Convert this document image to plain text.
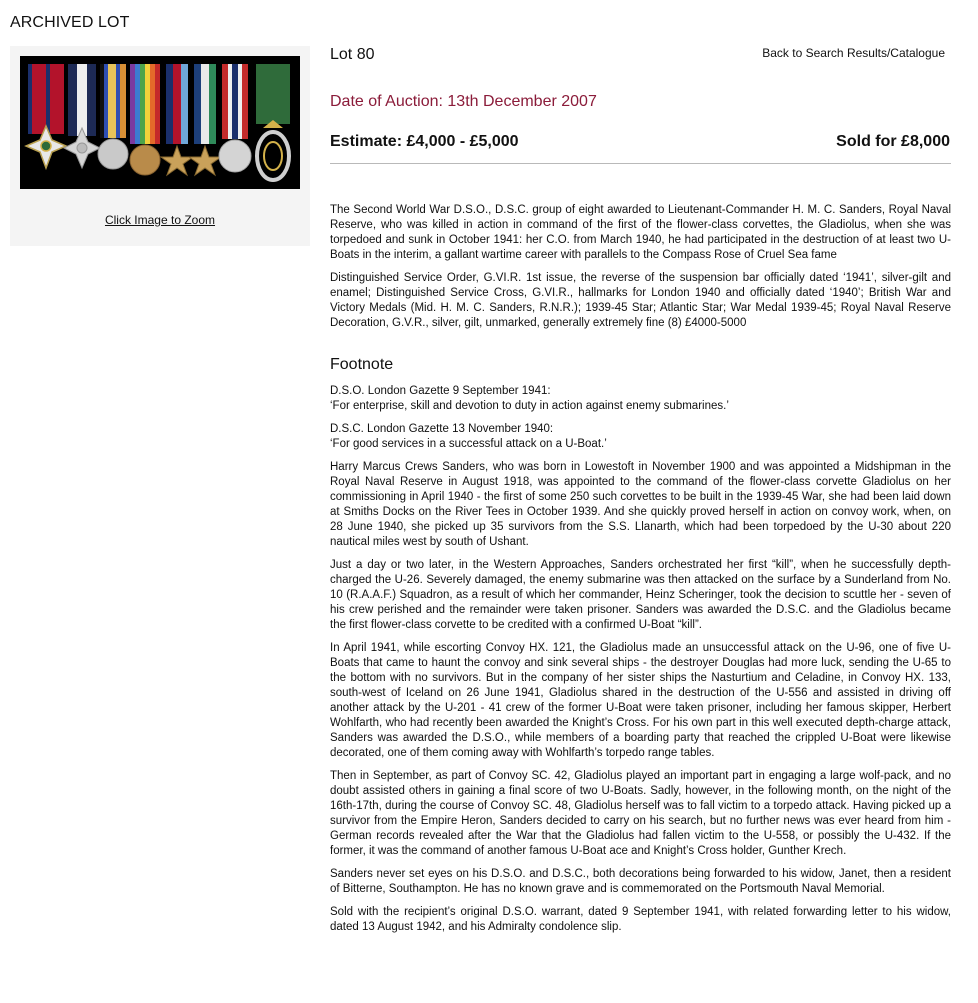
ARCHIVED LOT
Click Image to Zoom
Lot 80	Back to Search Results/Catalogue
Date of Auction: 13th December 2007
Estimate: £4,000 - £5,000	Sold for £8,000

The Second World War D.S.O., D.S.C. group of eight awarded to Lieutenant-Commander H. M. C. Sanders, Royal Naval Reserve, who was killed in action in command of the first of the flower-class corvettes, the Gladiolus, when she was torpedoed and sunk in October 1941: her C.O. from March 1940, he had participated in the destruction of at least two U-Boats in the interim, a gallant wartime career with parallels to the Compass Rose of Cruel Sea fame

Distinguished Service Order, G.VI.R. 1st issue, the reverse of the suspension bar officially dated ‘1941’, silver-gilt and enamel; Distinguished Service Cross, G.VI.R., hallmarks for London 1940 and officially dated ‘1940’; British War and Victory Medals (Mid. H. M. C. Sanders, R.N.R.); 1939-45 Star; Atlantic Star; War Medal 1939-45; Royal Naval Reserve Decoration, G.V.R., silver, gilt, unmarked, generally extremely fine (8) £4000-5000

Footnote

D.S.O. London Gazette 9 September 1941:
‘For enterprise, skill and devotion to duty in action against enemy submarines.’

D.S.C. London Gazette 13 November 1940:
‘For good services in a successful attack on a U-Boat.’

Harry Marcus Crews Sanders, who was born in Lowestoft in November 1900 and was appointed a Midshipman in the Royal Naval Reserve in August 1918, was appointed to the command of the flower-class corvette Gladiolus on her commissioning in April 1940 - the first of some 250 such corvettes to be built in the 1939-45 War, she had been laid down at Smiths Docks on the River Tees in October 1939. And she quickly proved herself in action on convoy work, when, on 28 June 1940, she picked up 35 survivors from the S.S. Llanarth, which had been torpedoed by the U-30 about 220 nautical miles west by south of Ushant.

Just a day or two later, in the Western Approaches, Sanders orchestrated her first “kill”, when he successfully depth-charged the U-26. Severely damaged, the enemy submarine was then attacked on the surface by a Sunderland from No. 10 (R.A.A.F.) Squadron, as a result of which her commander, Heinz Scheringer, took the decision to scuttle her - seven of his crew perished and the remainder were taken prisoner. Sanders was awarded the D.S.C. and the Gladiolus became the first flower-class corvette to be credited with a confirmed U-Boat “kill”.

In April 1941, while escorting Convoy HX. 121, the Gladiolus made an unsuccessful attack on the U-96, one of five U-Boats that came to haunt the convoy and sink several ships - the destroyer Douglas had more luck, sending the U-65 to the bottom with no survivors. But in the company of her sister ships the Nasturtium and Celadine, in Convoy HX. 133, south-west of Iceland on 26 June 1941, Gladiolus shared in the destruction of the U-556 and assisted in driving off another attack by the U-201 - 41 crew of the former U-Boat were taken prisoner, including her famous skipper, Herbert Wohlfarth, who had recently been awarded the Knight’s Cross. For his own part in this well executed depth-charge attack, Sanders was awarded the D.S.O., while members of a boarding party that reached the crippled U-Boat were likewise decorated, one of them coming away with Wohlfarth’s torpedo range tables.

Then in September, as part of Convoy SC. 42, Gladiolus played an important part in engaging a large wolf-pack, and no doubt assisted others in gaining a final score of two U-Boats. Sadly, however, in the following month, on the night of the 16th-17th, during the course of Convoy SC. 48, Gladiolus herself was to fall victim to a torpedo attack. Having picked up a survivor from the Empire Heron, Sanders decided to carry on his search, but no further news was ever heard from him - German records revealed after the War that the Gladiolus had fallen victim to the U-558, or possibly the U-432. If the former, it was the command of another famous U-Boat ace and Knight’s Cross holder, Gunther Krech.

Sanders never set eyes on his D.S.O. and D.S.C., both decorations being forwarded to his widow, Janet, then a resident of Bitterne, Southampton. He has no known grave and is commemorated on the Portsmouth Naval Memorial.

Sold with the recipient’s original D.S.O. warrant, dated 9 September 1941, with related forwarding letter to his widow, dated 13 August 1942, and his Admiralty condolence slip.
